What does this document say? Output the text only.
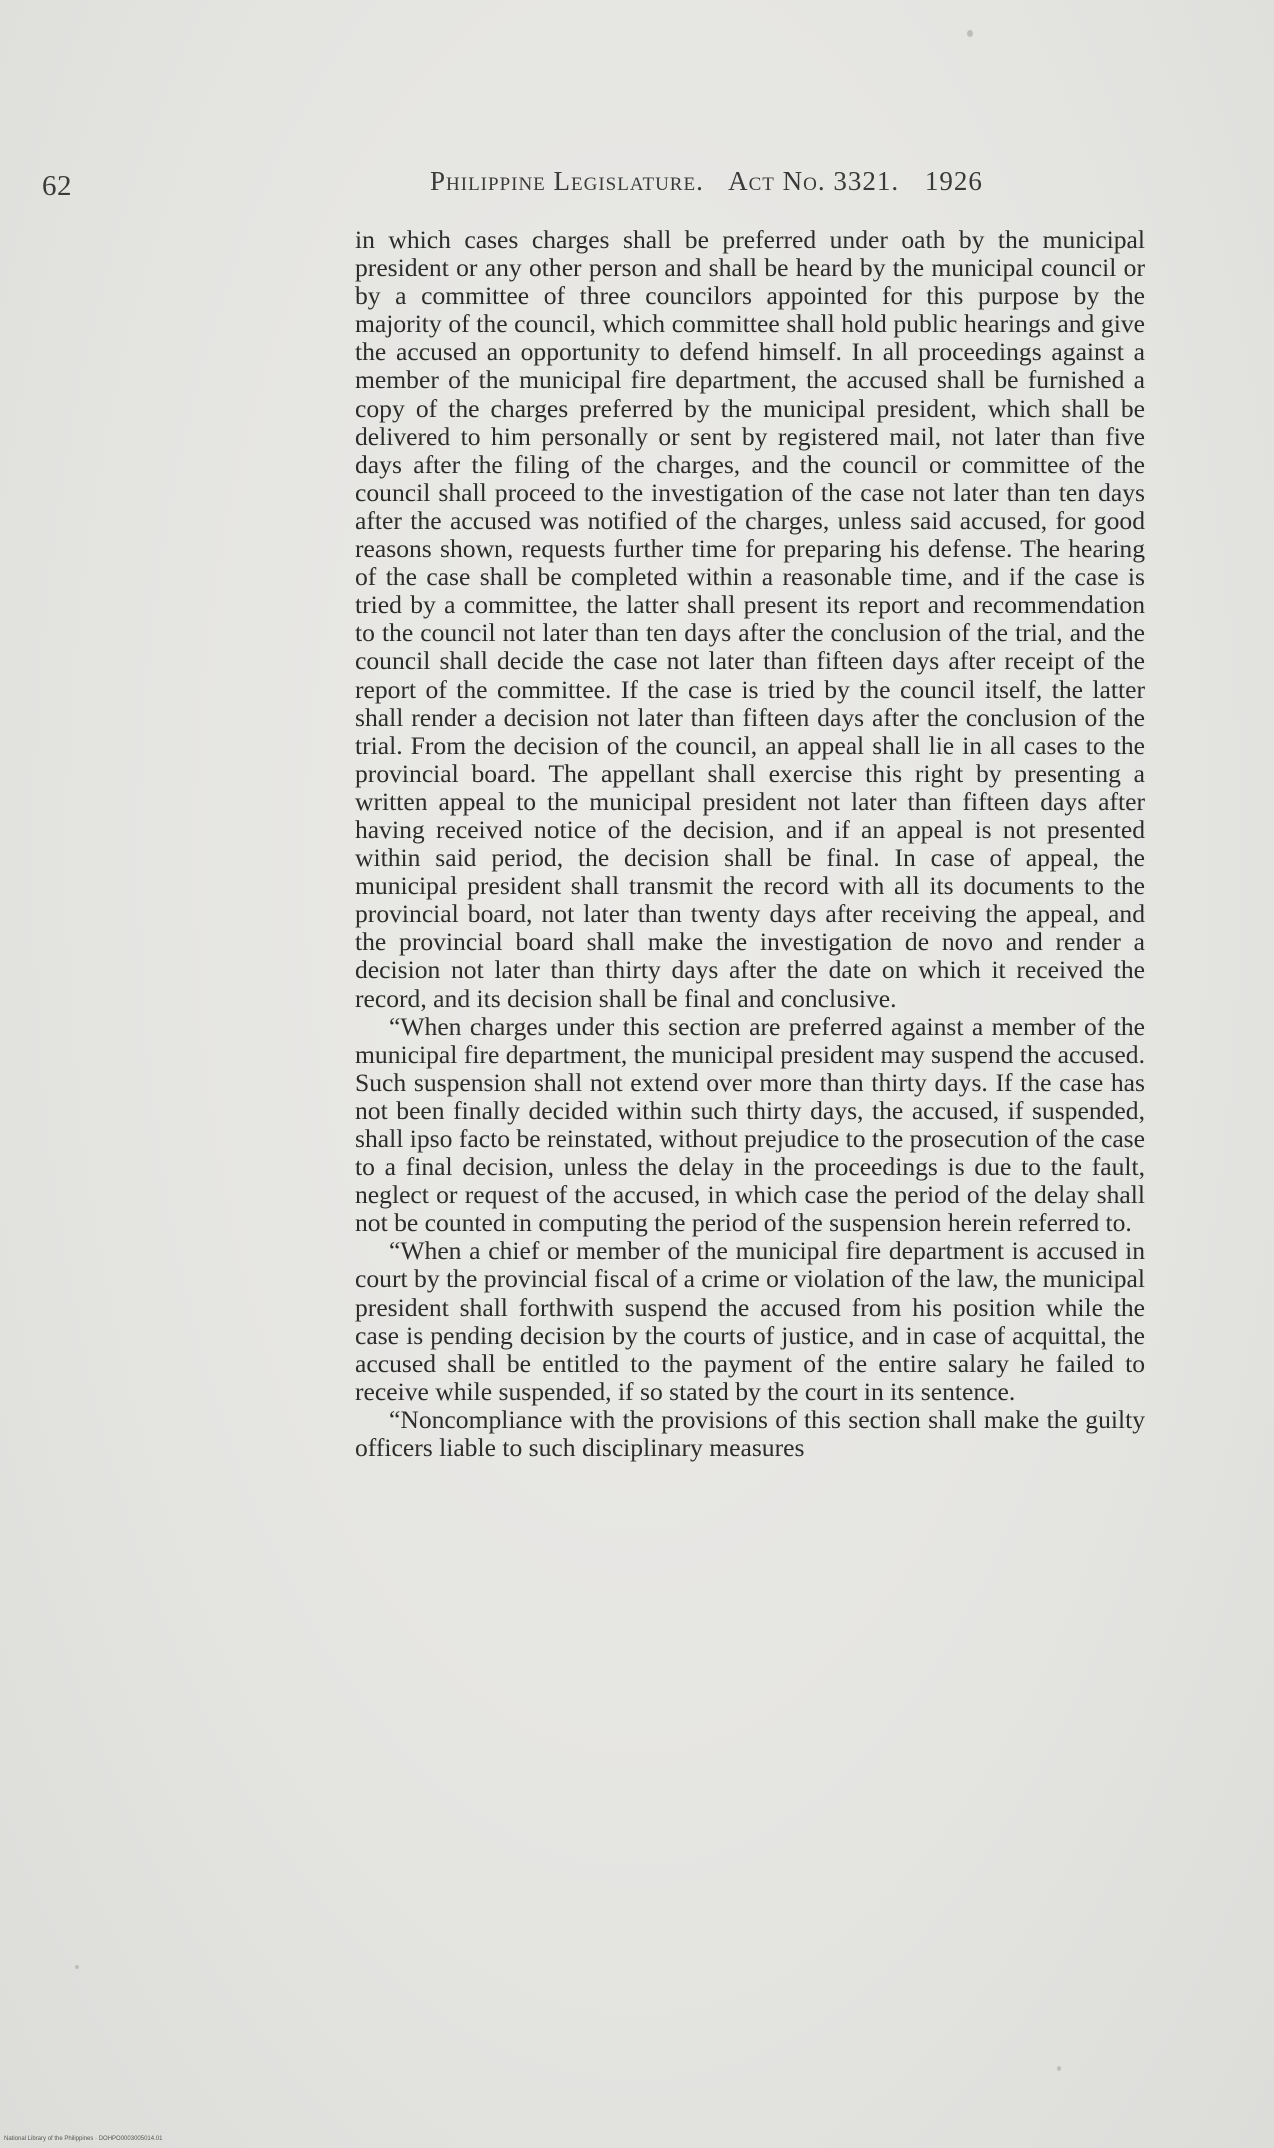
62	Philippine Legislature. Act No. 3321. 1926

in which cases charges shall be preferred under oath by the municipal president or any other person and shall be heard by the municipal council or by a committee of three councilors appointed for this purpose by the majority of the council, which committee shall hold public hearings and give the accused an opportunity to defend himself. In all proceedings against a member of the municipal fire department, the accused shall be furnished a copy of the charges preferred by the municipal president, which shall be delivered to him personally or sent by registered mail, not later than five days after the filing of the charges, and the council or committee of the council shall proceed to the investigation of the case not later than ten days after the accused was notified of the charges, unless said accused, for good reasons shown, requests further time for preparing his defense. The hearing of the case shall be completed within a reasonable time, and if the case is tried by a committee, the latter shall present its report and recommendation to the council not later than ten days after the conclusion of the trial, and the council shall decide the case not later than fifteen days after receipt of the report of the committee. If the case is tried by the council itself, the latter shall render a decision not later than fifteen days after the conclusion of the trial. From the decision of the council, an appeal shall lie in all cases to the provincial board. The appellant shall exercise this right by presenting a written appeal to the municipal president not later than fifteen days after having received notice of the decision, and if an appeal is not presented within said period, the decision shall be final. In case of appeal, the municipal president shall transmit the record with all its documents to the provincial board, not later than twenty days after receiving the appeal, and the provincial board shall make the investigation de novo and render a decision not later than thirty days after the date on which it received the record, and its decision shall be final and conclusive.

“When charges under this section are preferred against a member of the municipal fire department, the municipal president may suspend the accused. Such suspension shall not extend over more than thirty days. If the case has not been finally decided within such thirty days, the accused, if suspended, shall ipso facto be reinstated, without prejudice to the prosecution of the case to a final decision, unless the delay in the proceedings is due to the fault, neglect or request of the accused, in which case the period of the delay shall not be counted in computing the period of the suspension herein referred to.

“When a chief or member of the municipal fire department is accused in court by the provincial fiscal of a crime or violation of the law, the municipal president shall forthwith suspend the accused from his position while the case is pending decision by the courts of justice, and in case of acquittal, the accused shall be entitled to the payment of the entire salary he failed to receive while suspended, if so stated by the court in its sentence.

“Noncompliance with the provisions of this section shall make the guilty officers liable to such disciplinary measures

National Library of the Philippines · DOHPO0003005014.01
